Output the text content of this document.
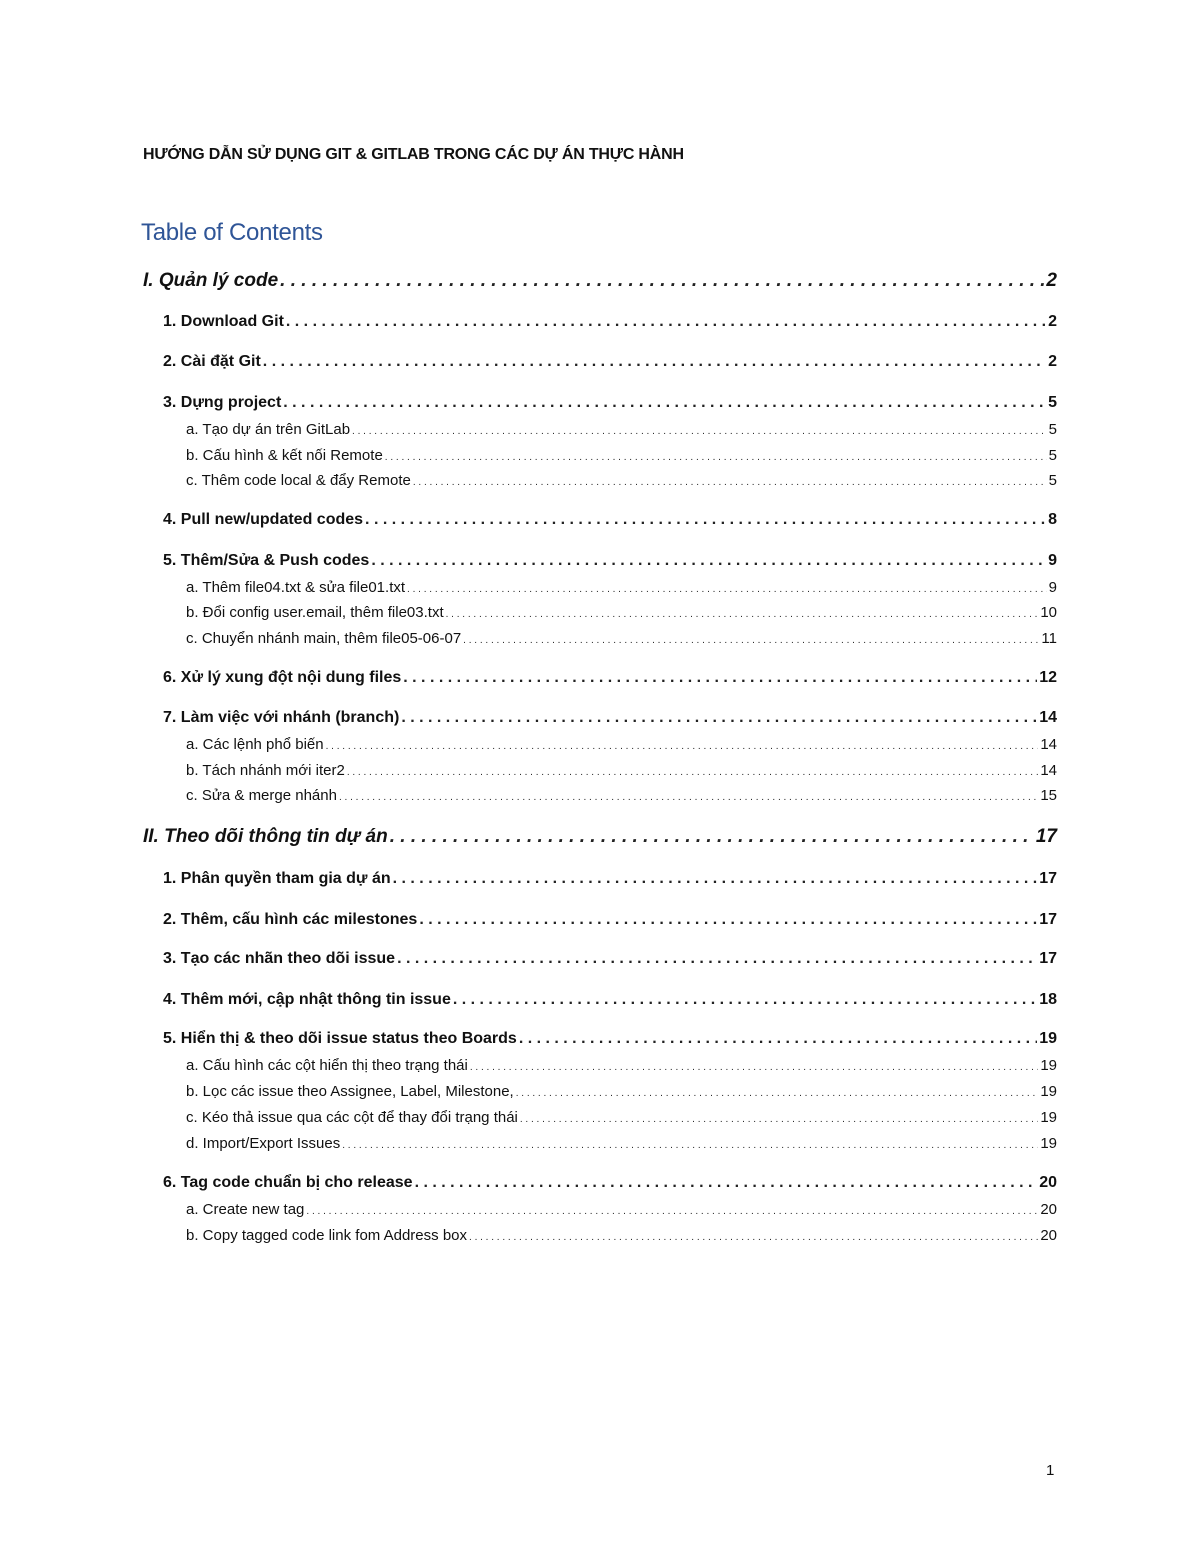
HƯỚNG DẪN SỬ DỤNG GIT & GITLAB TRONG CÁC DỰ ÁN THỰC HÀNH
Table of Contents
I. Quản lý code . . .	2
1. Download Git . . .	2
2. Cài đặt Git . . .	2
3. Dựng project . . .	5
a. Tạo dự án trên GitLab . . .	5
b. Cấu hình & kết nối Remote . . .	5
c. Thêm code local & đẩy Remote . . .	5
4. Pull new/updated codes . . .	8
5. Thêm/Sửa & Push codes . . .	9
a. Thêm file04.txt & sửa file01.txt . . .	9
b. Đổi config user.email, thêm file03.txt . . .	10
c. Chuyển nhánh main, thêm file05-06-07 . . .	11
6. Xử lý xung đột nội dung files . . .	12
7. Làm việc với nhánh (branch) . . .	14
a. Các lệnh phổ biến . . .	14
b. Tách nhánh mới iter2 . . .	14
c. Sửa & merge nhánh . . .	15
II. Theo dõi thông tin dự án . . .	17
1. Phân quyền tham gia dự án . . .	17
2. Thêm, cấu hình các milestones . . .	17
3. Tạo các nhãn theo dõi issue . . .	17
4. Thêm mới, cập nhật thông tin issue . . .	18
5. Hiển thị & theo dõi issue status theo Boards . . .	19
a. Cấu hình các cột hiển thị theo trạng thái . . .	19
b. Lọc các issue theo Assignee, Label, Milestone, . . .	19
c. Kéo thả issue qua các cột để thay đổi trạng thái . . .	19
d. Import/Export Issues . . .	19
6. Tag code chuẩn bị cho release . . .	20
a. Create new tag . . .	20
b. Copy tagged code link fom Address box . . .	20
1
